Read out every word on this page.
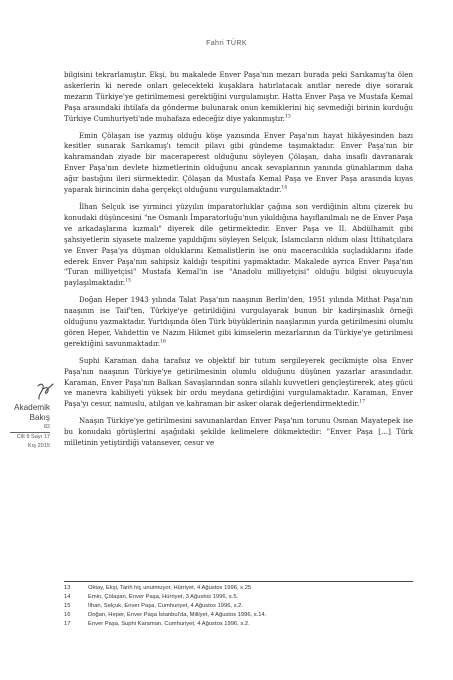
Fahri TÜRK

bilgisini tekrarlamıştır. Ekşi, bu makalede Enver Paşa'nın mezarı burada peki Sarıkamış'ta ölen askerlerin ki nerede onları gelecekteki kuşaklara hatırlatacak anıtlar nerede diye sorarak mezarın Türkiye'ye getirilmemesi gerektiğini vurgulamıştır. Hatta Enver Paşa ve Mustafa Kemal Paşa arasındaki ihtilafa da gönderme bulunarak onun kemiklerini hiç sevmediği birinin kurduğu Türkiye Cumhuriyeti'nde muhafaza edeceğiz diye yakınmıştır.$^{13}$

Emin Çölaşan ise yazmış olduğu köşe yazısında Enver Paşa'nın hayat hikâyesinden bazı kesitler sunarak Sarıkamış'ı temcit pilavı gibi gündeme taşımaktadır. Enver Paşa'nın bir kahramandan ziyade bir maceraperest olduğunu söyleyen Çölaşan, daha insaflı davranarak Enver Paşa'nın devlete hizmetlerinin olduğunu ancak sevaplarının yanında günahlarının daha ağır bastığını ileri sürmektedir. Çölaşan da Mustafa Kemal Paşa ve Enver Paşa arasında kıyas yaparak birincinin daha gerçekçi olduğunu vurgulamaktadır.$^{14}$

İlhan Selçuk ise yirminci yüzyılın imparatorluklar çağına son verdiğinin altını çizerek bu konudaki düşüncesini "ne Osmanlı İmparatorluğu'nun yıkıldığına hayıflanılmalı ne de Enver Paşa ve arkadaşlarına kızmalı" diyerek dile getirmektedir. Enver Paşa ve II. Abdülhamit gibi şahsiyetlerin siyasete malzeme yapıldığını söyleyen Selçuk, İslamcıların oldum olası İttihatçılara ve Enver Paşa'ya düşman olduklarını Kemalistlerin ise onu maceracılıkla suçladıklarını ifade ederek Enver Paşa'nın sahipsiz kaldığı tespitini yapmaktadır. Makalede ayrıca Enver Paşa'nın "Turan milliyetçisi" Mustafa Kemal'in ise "Anadolu milliyetçisi" olduğu bilgisi okuyucuyla paylaşılmaktadır.$^{15}$

Doğan Heper 1943 yılında Talat Paşa'nın naaşının Berlin'den, 1951 yılında Mithat Paşa'nın naaşının ise Taif'ten, Türkiye'ye getirildiğini vurgulayarak bunun bir kadirşinaslık örneği olduğunu yazmaktadır. Yurtdışında ölen Türk büyüklerinin naaşlarının yurda getirilmesini olumlu gören Heper, Vahdettin ve Nazım Hikmet gibi kimselerin mezarlarının da Türkiye'ye getirilmesi gerektiğini savunmaktadır.$^{16}$

Suphi Karaman daha tarafsız ve objektif bir tutum sergileyerek gecikmişte olsa Enver Paşa'nın naaşının Türkiye'ye getirilmesinin olumlu olduğunu düşünen yazarlar arasındadır. Karaman, Enver Paşa'nın Balkan Savaşlarından sonra silahlı kuvvetleri gençleştirerek, ateş gücü ve manevra kabiliyeti yüksek bir ordu meydana getirdiğini vurgulamaktadır. Karaman, Enver Paşa'yı cesur, namuslu, atılgan ve kahraman bir asker olarak değerlendirmektedir.$^{17}$

Naaşın Türkiye'ye getirilmesini savunanlardan Enver Paşa'nın torunu Osman Mayatepek ise bu konudaki görüşlerini aşağıdaki şekilde kelimelere dökmektedir: "Enver Paşa […] Türk milletinin yetiştirdiği vatansever, cesur ve

Akademik
Bakış
82
Cilt 9 Sayı 17
Kış 2015
13	Oktay, Ekşi, Tarih hiç unutmuyor, Hürriyet, 4 Ağustos 1996, s.25
14	Emin, Çölaşan, Enver Paşa, Hürriyet, 3 Ağustos 1996, s.5.
15	İlhan, Selçuk, Enver Paşa, Cumhuriyet, 4 Ağustos 1996, s.2.
16	Doğan, Heper, Enver Paşa İstanbul'da, Milliyet, 4 Ağustos 1996, s.14.
17	Enver Paşa, Suphi Karaman, Cumhuriyet, 4 Ağustos 1996, s.2.
